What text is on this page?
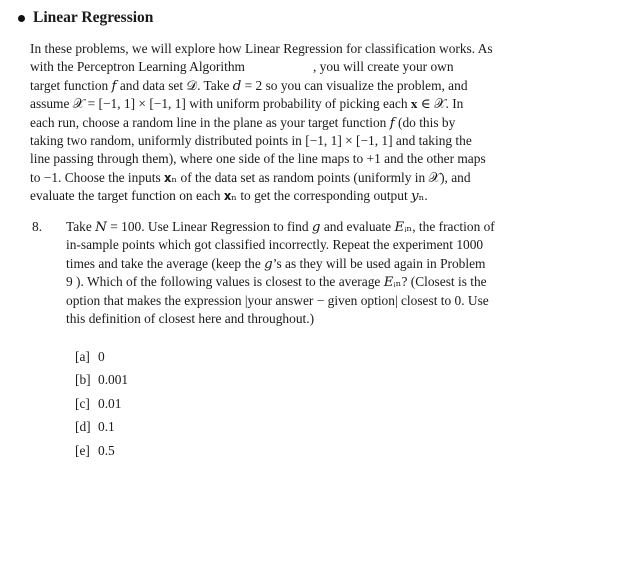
Linear Regression
In these problems, we will explore how Linear Regression for classification works. As
with the Perceptron Learning Algorithm	, you will create your own
target function 𝑓 and data set 𝒟. Take 𝑑 = 2 so you can visualize the problem, and
assume 𝒳 = [−1, 1] × [−1, 1] with uniform probability of picking each 𝐱 ∈ 𝒳. In
each run, choose a random line in the plane as your target function 𝑓 (do this by
taking two random, uniformly distributed points in [−1, 1] × [−1, 1] and taking the
line passing through them), where one side of the line maps to +1 and the other maps
to −1. Choose the inputs 𝐱ₙ of the data set as random points (uniformly in 𝒳), and
evaluate the target function on each 𝐱ₙ to get the corresponding output 𝑦ₙ.
8. Take 𝑁 = 100. Use Linear Regression to find 𝑔 and evaluate 𝐸ᵢₙ, the fraction of
in-sample points which got classified incorrectly. Repeat the experiment 1000
times and take the average (keep the 𝑔’s as they will be used again in Problem
9 ). Which of the following values is closest to the average 𝐸ᵢₙ? (Closest is the
option that makes the expression |your answer − given option| closest to 0. Use
this definition of closest here and throughout.)
[a] 0
[b] 0.001
[c] 0.01
[d] 0.1
[e] 0.5
